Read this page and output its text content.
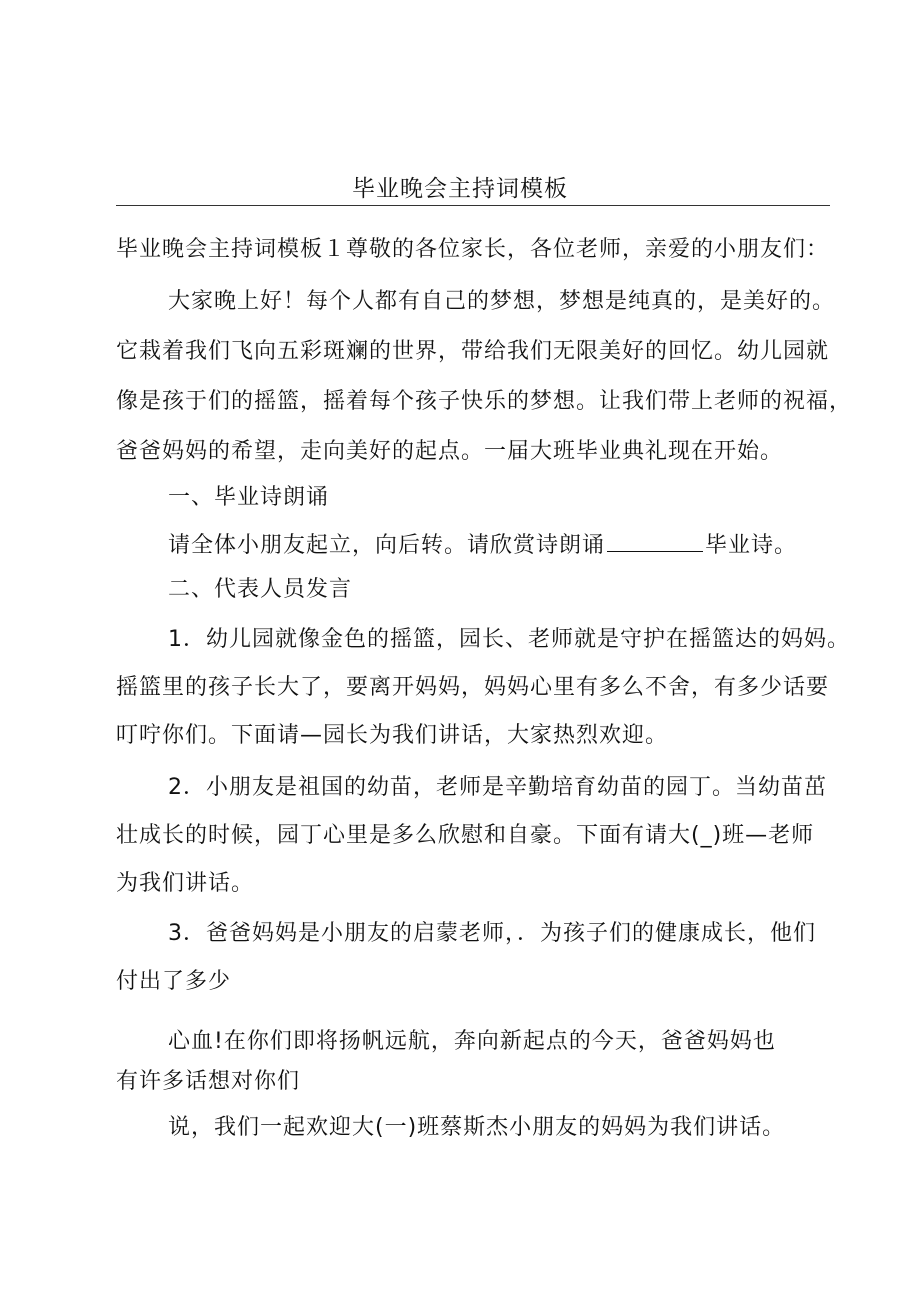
毕业晚会主持词模板
毕业晚会主持词模板１尊敬的各位家长，各位老师，亲爱的小朋友们：
大家晚上好！每个人都有自己的梦想，梦想是纯真的，是美好的。
它栽着我们飞向五彩斑斓的世界，带给我们无限美好的回忆。幼儿园就
像是孩于们的摇篮，摇着每个孩子快乐的梦想。让我们带上老师的祝福，
爸爸妈妈的希望，走向美好的起点。一届大班毕业典礼现在开始。
一、毕业诗朗诵
请全体小朋友起立，向后转。请欣赏诗朗诵	毕业诗。
二、代表人员发言
1．幼儿园就像金色的摇篮，园长、老师就是守护在摇篮达的妈妈。
摇篮里的孩子长大了，要离开妈妈，妈妈心里有多么不舍，有多少话要
叮咛你们。下面请—园长为我们讲话，大家热烈欢迎。
2．小朋友是祖国的幼苗，老师是辛勤培育幼苗的园丁。当幼苗茁
壮成长的时候，园丁心里是多么欣慰和自豪。下面有请大(_)班—老师
为我们讲话。
3．爸爸妈妈是小朋友的启蒙老师，．为孩子们的健康成长，他们
付出了多少
心血!在你们即将扬帆远航，奔向新起点的今天，爸爸妈妈也
有许多话想对你们
说，我们一起欢迎大(一)班蔡斯杰小朋友的妈妈为我们讲话。
